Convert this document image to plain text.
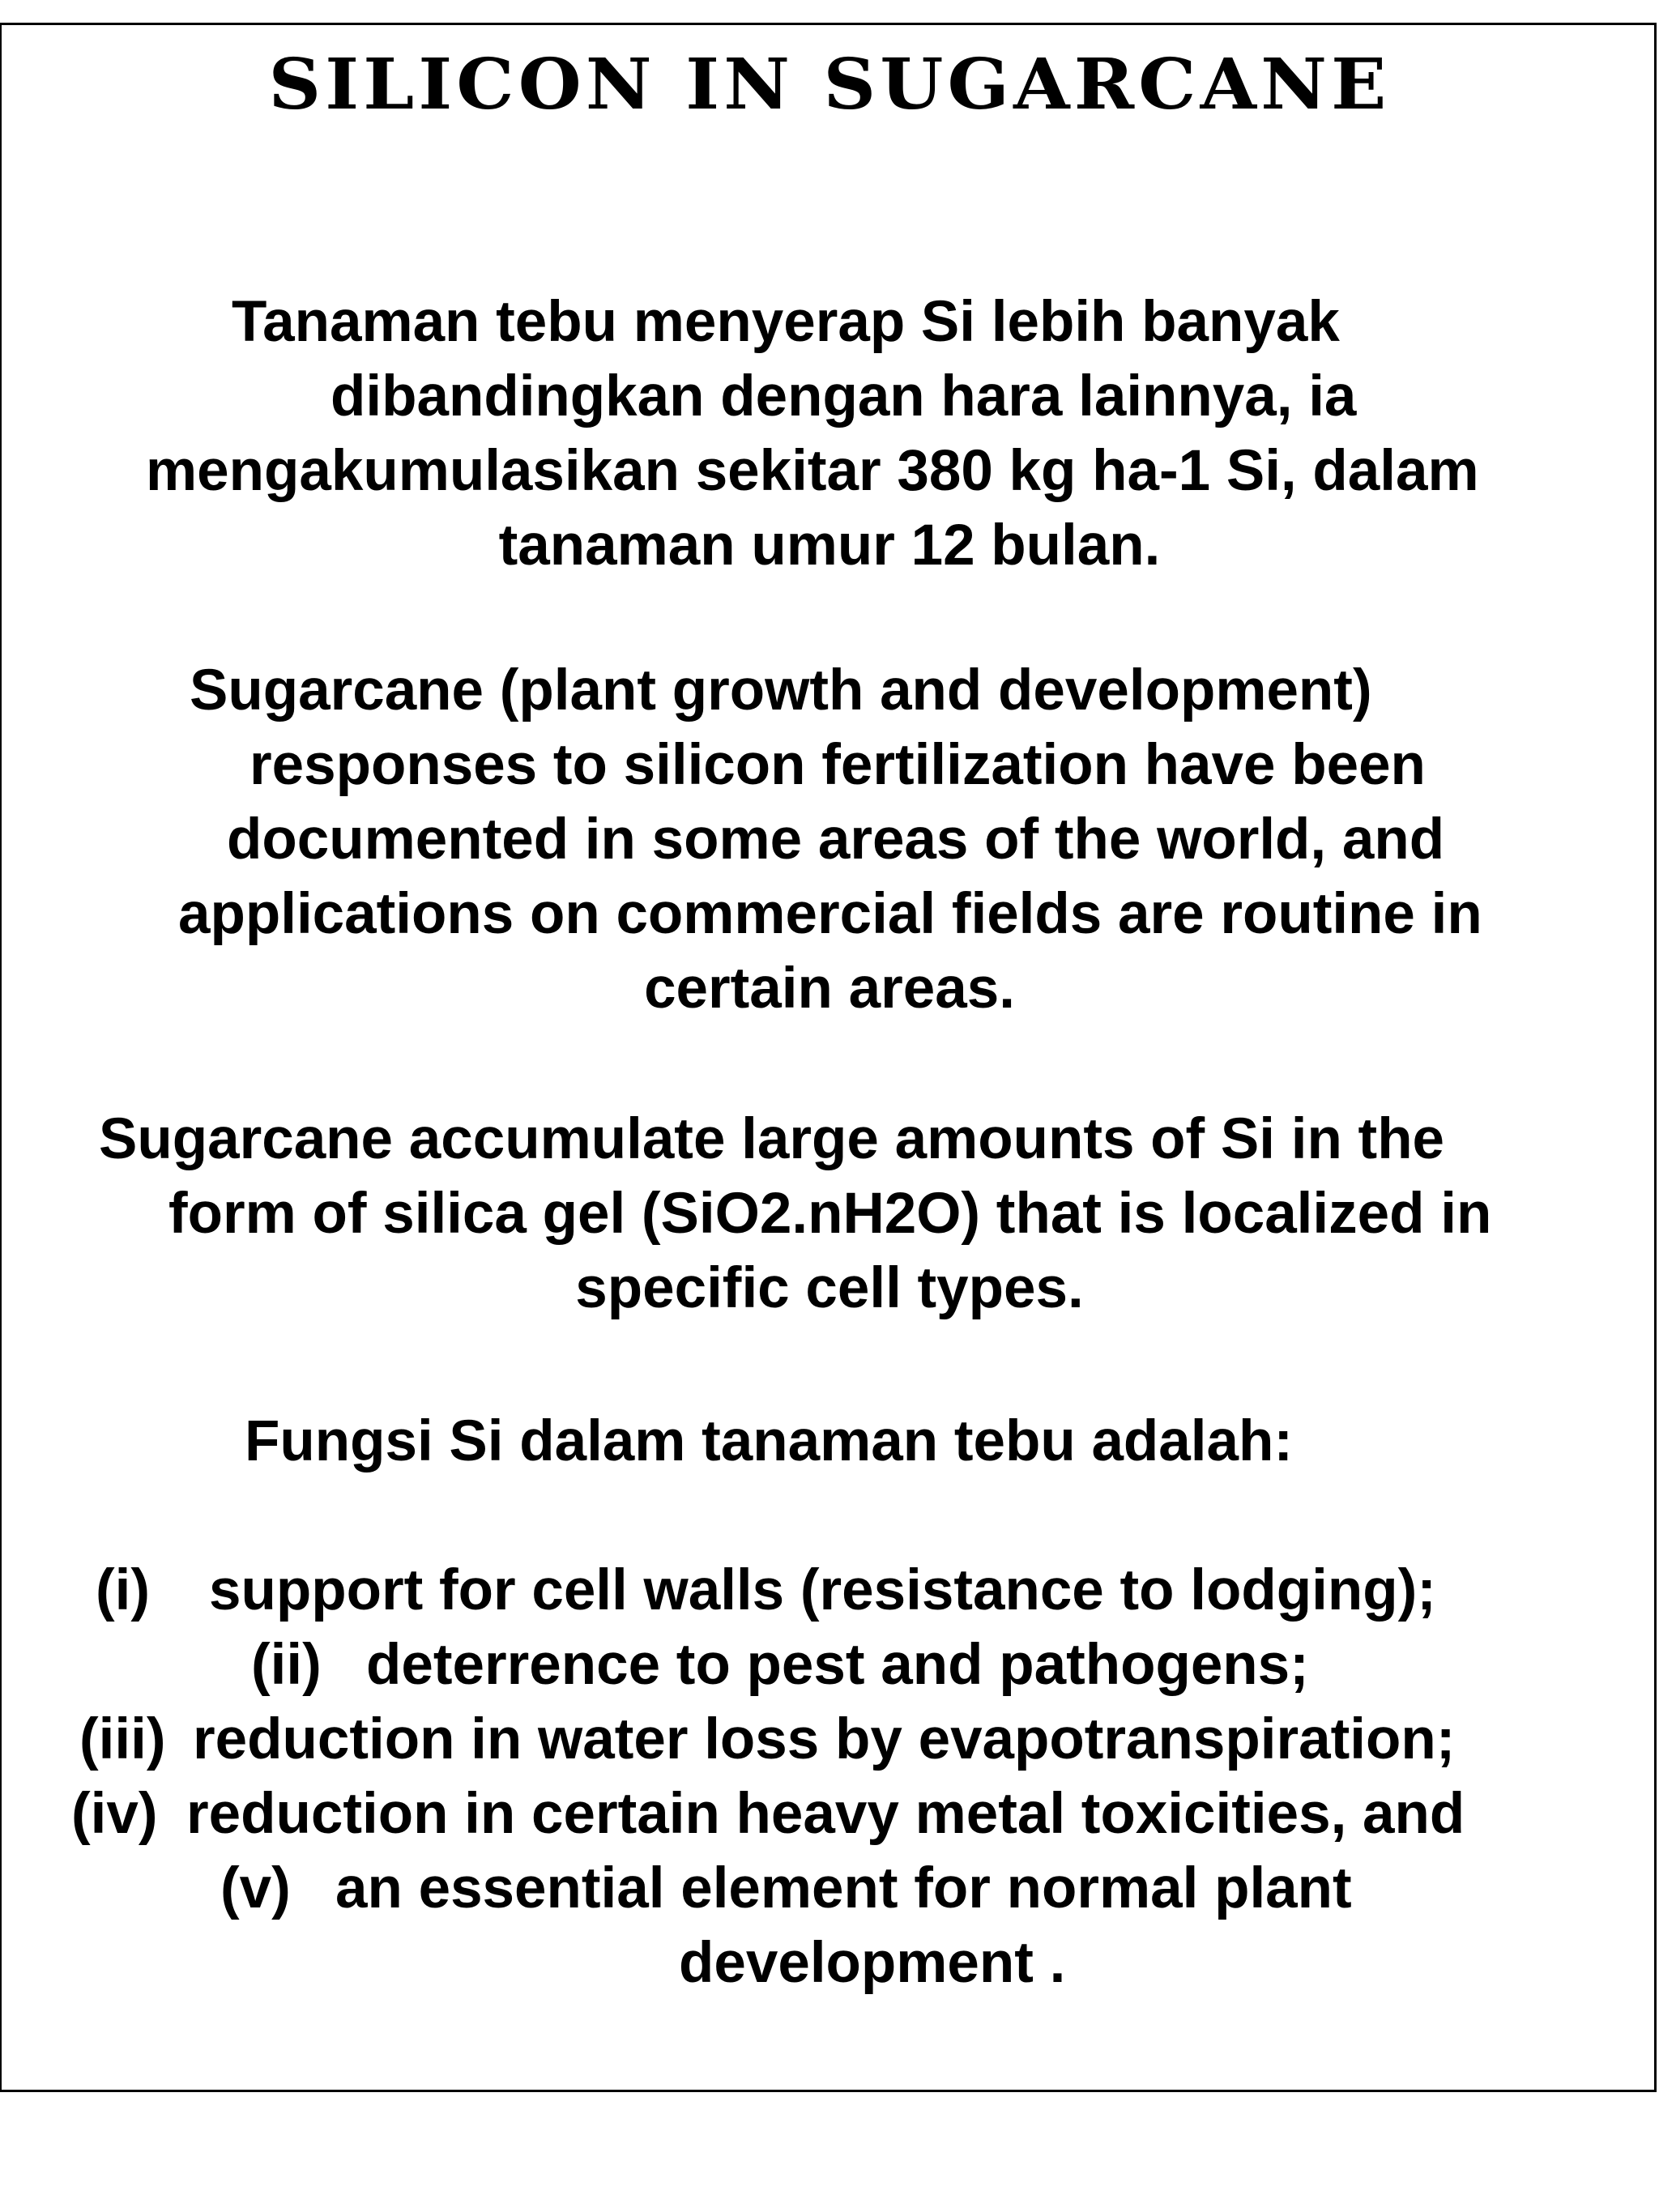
SILICON IN SUGARCANE
Tanaman tebu menyerap Si lebih banyak
dibandingkan dengan hara lainnya, ia
mengakumulasikan sekitar 380 kg ha-1 Si, dalam
tanaman umur 12 bulan.
Sugarcane (plant growth and development)
responses to silicon fertilization have been
documented in some areas of the world, and
applications on commercial fields are routine in
certain areas.
Sugarcane accumulate large amounts of Si in the
form of silica gel (SiO2.nH2O) that is localized in
specific cell types.
Fungsi Si dalam tanaman tebu adalah:
(i) support for cell walls (resistance to lodging);
(ii) deterrence to pest and pathogens;
(iii) reduction in water loss by evapotranspiration;
(iv) reduction in certain heavy metal toxicities, and
(v) an essential element for normal plant
development .
